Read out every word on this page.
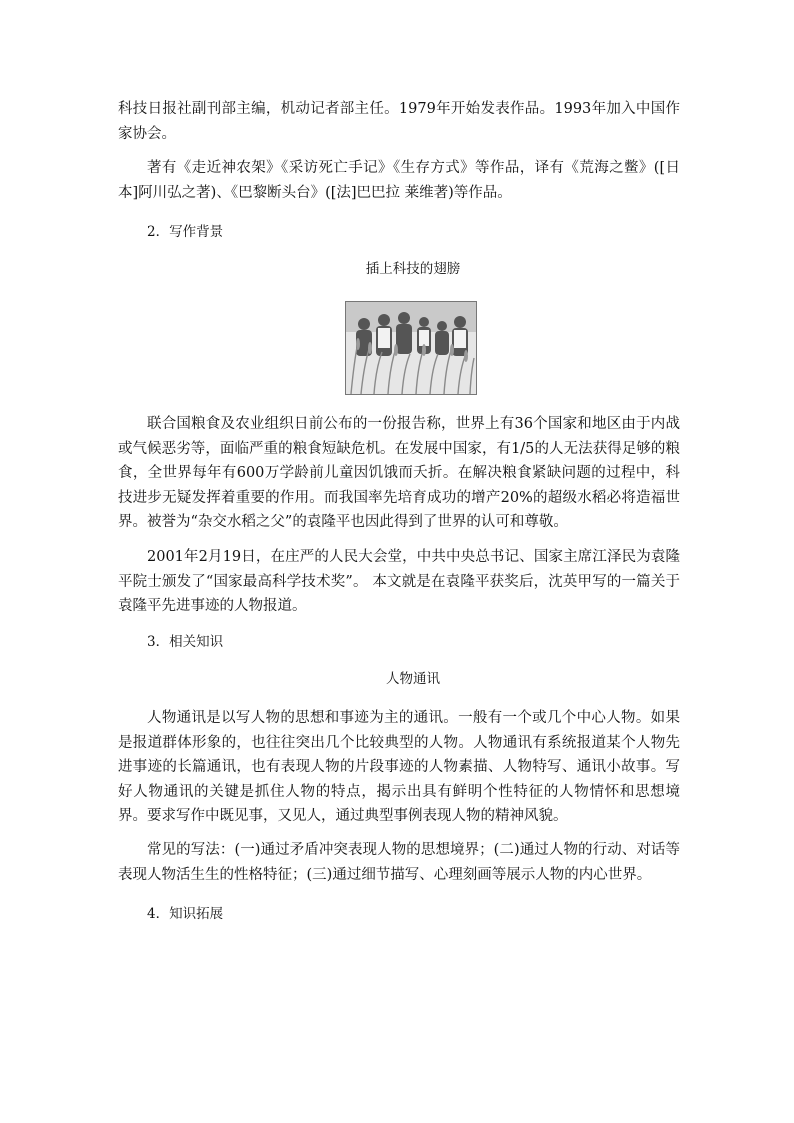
科技日报社副刊部主编，机动记者部主任。1979年开始发表作品。1993年加入中国作家协会。

著有《走近神农架》《采访死亡手记》《生存方式》等作品，译有《荒海之鳖》([日本]阿川弘之著)、《巴黎断头台》([法]巴巴拉 莱维著)等作品。

2．写作背景

插上科技的翅膀

联合国粮食及农业组织日前公布的一份报告称，世界上有36个国家和地区由于内战或气候恶劣等，面临严重的粮食短缺危机。在发展中国家，有1/5的人无法获得足够的粮食，全世界每年有600万学龄前儿童因饥饿而夭折。在解决粮食紧缺问题的过程中，科技进步无疑发挥着重要的作用。而我国率先培育成功的增产20%的超级水稻必将造福世界。被誉为“杂交水稻之父”的袁隆平也因此得到了世界的认可和尊敬。

2001年2月19日，在庄严的人民大会堂，中共中央总书记、国家主席江泽民为袁隆平院士颁发了“国家最高科学技术奖”。 本文就是在袁隆平获奖后，沈英甲写的一篇关于袁隆平先进事迹的人物报道。

3．相关知识

人物通讯

人物通讯是以写人物的思想和事迹为主的通讯。一般有一个或几个中心人物。如果是报道群体形象的，也往往突出几个比较典型的人物。人物通讯有系统报道某个人物先进事迹的长篇通讯，也有表现人物的片段事迹的人物素描、人物特写、通讯小故事。写好人物通讯的关键是抓住人物的特点，揭示出具有鲜明个性特征的人物情怀和思想境界。要求写作中既见事，又见人，通过典型事例表现人物的精神风貌。

常见的写法：(一)通过矛盾冲突表现人物的思想境界；(二)通过人物的行动、对话等表现人物活生生的性格特征；(三)通过细节描写、心理刻画等展示人物的内心世界。

4．知识拓展
